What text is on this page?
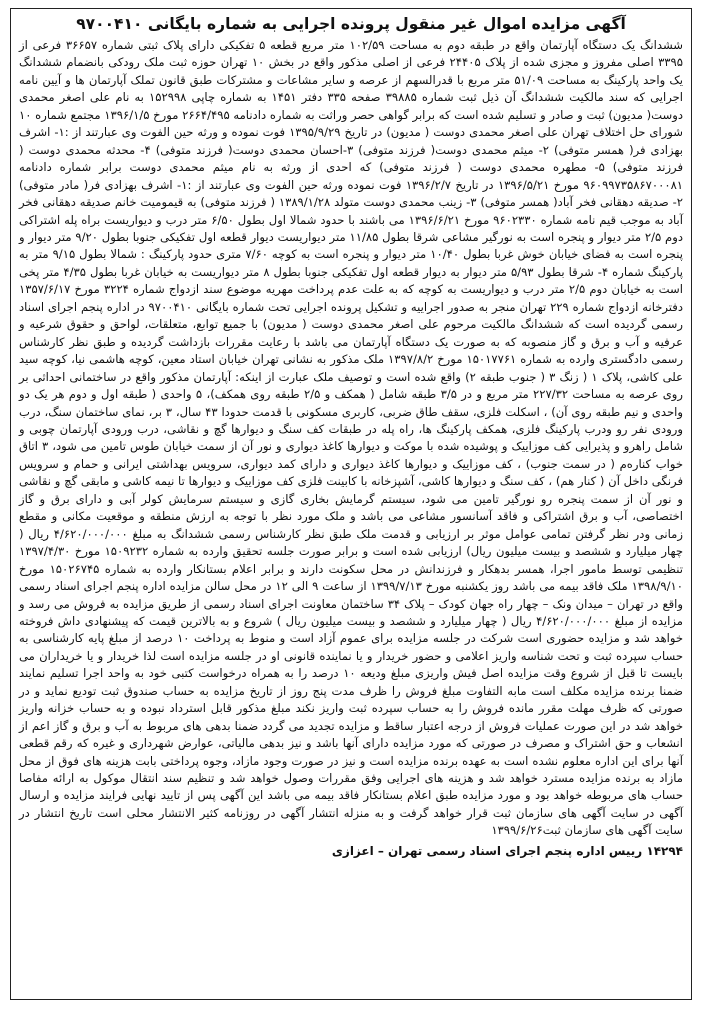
آگهی مزایده اموال غیر منقول پرونده اجرایی به شماره بایگانی ۹۷۰۰۴۱۰

ششدانگ یک دستگاه آپارتمان واقع در طبقه دوم به مساحت ۱۰۲/۵۹ متر مربع قطعه ۵ تفکیکی دارای پلاک ثبتی شماره ۳۶۶۵۷ فرعی از ۳۳۹۵ اصلی مفروز و مجزی شده از پلاک ۲۴۴۰۵ فرعی از اصلی مذکور واقع در بخش ۱۰ تهران حوزه ثبت ملک رودکی بانضمام ششدانگ یک واحد پارکینگ به مساحت ۵۱/۰۹ متر مربع با قدرالسهم از عرصه و سایر مشاعات و مشترکات طبق قانون تملک آپارتمان ها و آیین نامه اجرایی که سند مالکیت ششدانگ آن ذیل ثبت شماره ۳۹۸۸۵ صفحه ۳۳۵ دفتر ۱۴۵۱ به شماره چاپی ۱۵۲۹۹۸ به نام علی اصغر محمدی دوست( مدیون) ثبت و صادر و تسلیم شده است که برابر گواهی حصر وراثت به شماره دادنامه ۲۶۶۴/۴۹۵ مورخ ۱۳۹۶/۱/۵ مجتمع شماره ۱۰ شورای حل اختلاف تهران علی اصغر محمدی دوست ( مدیون) در تاریخ ۱۳۹۵/۹/۲۹ فوت نموده و ورثه حین الفوت وی عبارتند از :۱- اشرف بهزادی فر( همسر متوفی) ۲- میثم محمدی دوست( فرزند متوفی) ۳-احسان محمدی دوست( فرزند متوفی) ۴- محدثه محمدی دوست ( فرزند متوفی) ۵- مطهره محمدی دوست ( فرزند متوفی) که احدی از ورثه به نام میثم محمدی دوست برابر شماره دادنامه ۹۶۰۹۹۷۳۵۸۶۷۰۰۰۸۱ مورخ ۱۳۹۶/۵/۲۱ در تاریخ ۱۳۹۶/۲/۷ فوت نموده ورثه حین الفوت وی عبارتند از :۱- اشرف بهزادی فر( مادر متوفی) ۲- صدیقه دهقانی فخر آباد( همسر متوفی) ۳- زینب محمدی دوست متولد ۱۳۸۹/۱/۲۸ ( فرزند متوفی) به قیمومیت خانم صدیقه دهقانی فخر آباد به موجب قیم نامه شماره ۹۶۰۲۳۳۰ مورخ ۱۳۹۶/۶/۲۱ می باشند با حدود شمالا اول بطول ۶/۵۰ متر درب و دیواریست براه پله اشتراکی دوم ۲/۵ متر دیوار و پنجره است به نورگیر مشاعی شرقا بطول ۱۱/۸۵ متر دیواریست دیوار قطعه اول تفکیکی جنوبا بطول ۹/۲۰ متر دیوار و پنجره است به فضای خیابان خوش غربا بطول ۱۰/۴۰ متر دیوار و پنجره است به کوچه ۷/۶۰ متری حدود پارکینگ : شمالا بطول ۹/۱۵ متر به پارکینگ شماره ۴- شرقا بطول ۵/۹۳ متر دیوار به دیوار قطعه اول تفکیکی جنوبا بطول ۸ متر دیواریست به خیابان غربا بطول ۴/۳۵ متر پخی است به خیابان دوم ۲/۵ متر درب و دیواریست به کوچه که به علت عدم پرداخت مهریه موضوع سند ازدواج شماره ۳۲۲۴ مورخ ۱۳۵۷/۶/۱۷ دفترخانه ازدواج شماره ۲۲۹ تهران منجر به صدور اجراییه و تشکیل پرونده اجرایی تحت شماره بایگانی ۹۷۰۰۴۱۰ در اداره پنجم اجرای اسناد رسمی گردیده است که ششدانگ مالکیت مرحوم علی اصغر محمدی دوست ( مدیون) با جمیع توابع، متعلقات، لواحق و حقوق شرعیه و عرفیه و آب و برق و گاز منصوبه که به صورت یک دستگاه آپارتمان می باشد با رعایت مقررات بازداشت گردیده و طبق نظر کارشناس رسمی دادگستری وارده به شماره ۱۵۰۱۷۷۶۱ مورخ ۱۳۹۷/۸/۲ ملک مذکور به نشانی تهران خیابان استاد معین، کوچه هاشمی نیا، کوچه سید علی کاشی، پلاک ۱ ( زنگ ۳ ( جنوب طبقه ۲) واقع شده است و توصیف ملک عبارت از اینکه: آپارتمان مذکور واقع در ساختمانی احداثی بر روی عرصه به مساحت ۲۲۷/۳۲ متر مربع و در ۳/۵ طبقه شامل ( همکف و ۲/۵ طبقه روی همکف)، ۵ واحدی ( طبقه اول و دوم هر یک دو واحدی و نیم طبقه روی آن) ، اسکلت فلزی، سقف طاق ضربی، کاربری مسکونی با قدمت حدودا ۴۳ سال، ۳ بر، نمای ساختمان سنگ، درب ورودی نفر رو ودرب پارکینگ فلزی، همکف پارکینگ ها، راه پله در طبقات کف سنگ و دیوارها گچ و نقاشی، درب ورودی آپارتمان چوبی و شامل راهرو و پذیرایی کف موزاییک و پوشیده شده با موکت و دیوارها کاغذ دیواری و نور آن از سمت خیابان طوس تامین می شود، ۳ اتاق خواب کناره‌م ( در سمت جنوب) ، کف موزاییک و دیوارها کاغذ دیواری و دارای کمد دیواری، سرویس بهداشتی ایرانی و حمام و سرویس فرنگی داخل آن ( کنار هم) ، کف سنگ و دیوارها کاشی، آشپزخانه با کابینت فلزی کف موزاییک و دیوارها تا نیمه کاشی و مابقی گچ و نقاشی و نور آن از سمت پنجره رو نورگیر تامین می شود، سیستم گرمایش بخاری گازی و سیستم سرمایش کولر آبی و دارای برق و گاز اختصاصی، آب و برق اشتراکی و فاقد آسانسور مشاعی می باشد و ملک مورد نظر با توجه به ارزش منطقه و موقعیت مکانی و مقطع زمانی ودر نظر گرفتن تمامی عوامل موثر بر ارزیابی و قدمت ملک طبق نظر کارشناس رسمی ششدانگ به مبلغ ۴/۶۲۰/۰۰۰/۰۰۰ ریال ( چهار میلیارد و ششصد و بیست میلیون ریال) ارزیابی شده است و برابر صورت جلسه تحقیق وارده به شماره ۱۵۰۹۲۳۲ مورخ ۱۳۹۷/۴/۳۰ تنظیمی توسط مامور اجرا، همسر بدهکار و فرزندانش در محل سکونت دارند و برابر اعلام بستانکار وارده به شماره ۱۵۰۲۶۷۴۵ مورخ ۱۳۹۸/۹/۱۰ ملک فاقد بیمه می باشد روز یکشنبه مورخ ۱۳۹۹/۷/۱۳ از ساعت ۹ الی ۱۲ در محل سالن مزایده اداره پنجم اجرای اسناد رسمی واقع در تهران – میدان ونک – چهار راه جهان کودک – پلاک ۳۴ ساختمان معاونت اجرای اسناد رسمی از طریق مزایده به فروش می رسد و مزایده از مبلغ ۴/۶۲۰/۰۰۰/۰۰۰ ریال ( چهار میلیارد و ششصد و بیست میلیون ریال ) شروع و به بالاترین قیمت که پیشنهادی داش فروخته خواهد شد و مزایده حضوری است شرکت در جلسه مزایده برای عموم آزاد است و منوط به پرداخت ۱۰ درصد از مبلغ پایه کارشناسی به حساب سپرده ثبت و تحت شناسه واریز اعلامی و حضور خریدار و یا نماینده قانونی او در جلسه مزایده است لذا خریدار و یا خریداران می بایست تا قبل از شروع وقت مزایده اصل فیش واریزی مبلغ ودیعه ۱۰ درصد را به همراه درخواست کتبی خود به واحد اجرا تسلیم نمایند ضمنا برنده مزایده مکلف است مابه التفاوت مبلغ فروش را ظرف مدت پنج روز از تاریخ مزایده به حساب صندوق ثبت تودیع نماید و در صورتی که ظرف مهلت مقرر مانده فروش را به حساب سپرده ثبت واریز نکند مبلغ مذکور قابل استرداد نبوده و به حساب خزانه واریز خواهد شد در این صورت عملیات فروش از درجه اعتبار ساقط و مزایده تجدید می گردد ضمنا بدهی های مربوط به آب و برق و گاز اعم از انشعاب و حق اشتراک و مصرف در صورتی که مورد مزایده دارای آنها باشد و نیز بدهی مالیاتی، عوارض شهرداری و غیره که رقم قطعی آنها برای این اداره معلوم نشده است به عهده برنده مزایده است و نیز در صورت وجود مازاد، وجوه پرداختی بابت هزینه های فوق از محل مازاد به برنده مزایده مسترد خواهد شد و هزینه های اجرایی وفق مقررات وصول خواهد شد و تنظیم سند انتقال موکول به ارائه مفاصا حساب های مربوطه خواهد بود و مورد مزایده طبق اعلام بستانکار فاقد بیمه می باشد این آگهی پس از تایید نهایی فرایند مزایده و ارسال آگهی در سایت آگهی های سازمان ثبت قرار خواهد گرفت و به منزله انتشار آگهی در روزنامه کثیر الانتشار محلی است تاریخ انتشار در سایت آگهی های سازمان ثبت۱۳۹۹/۶/۲۶

۱۴۲۹۴ رییس اداره پنجم اجرای اسناد رسمی تهران – اعزازی
